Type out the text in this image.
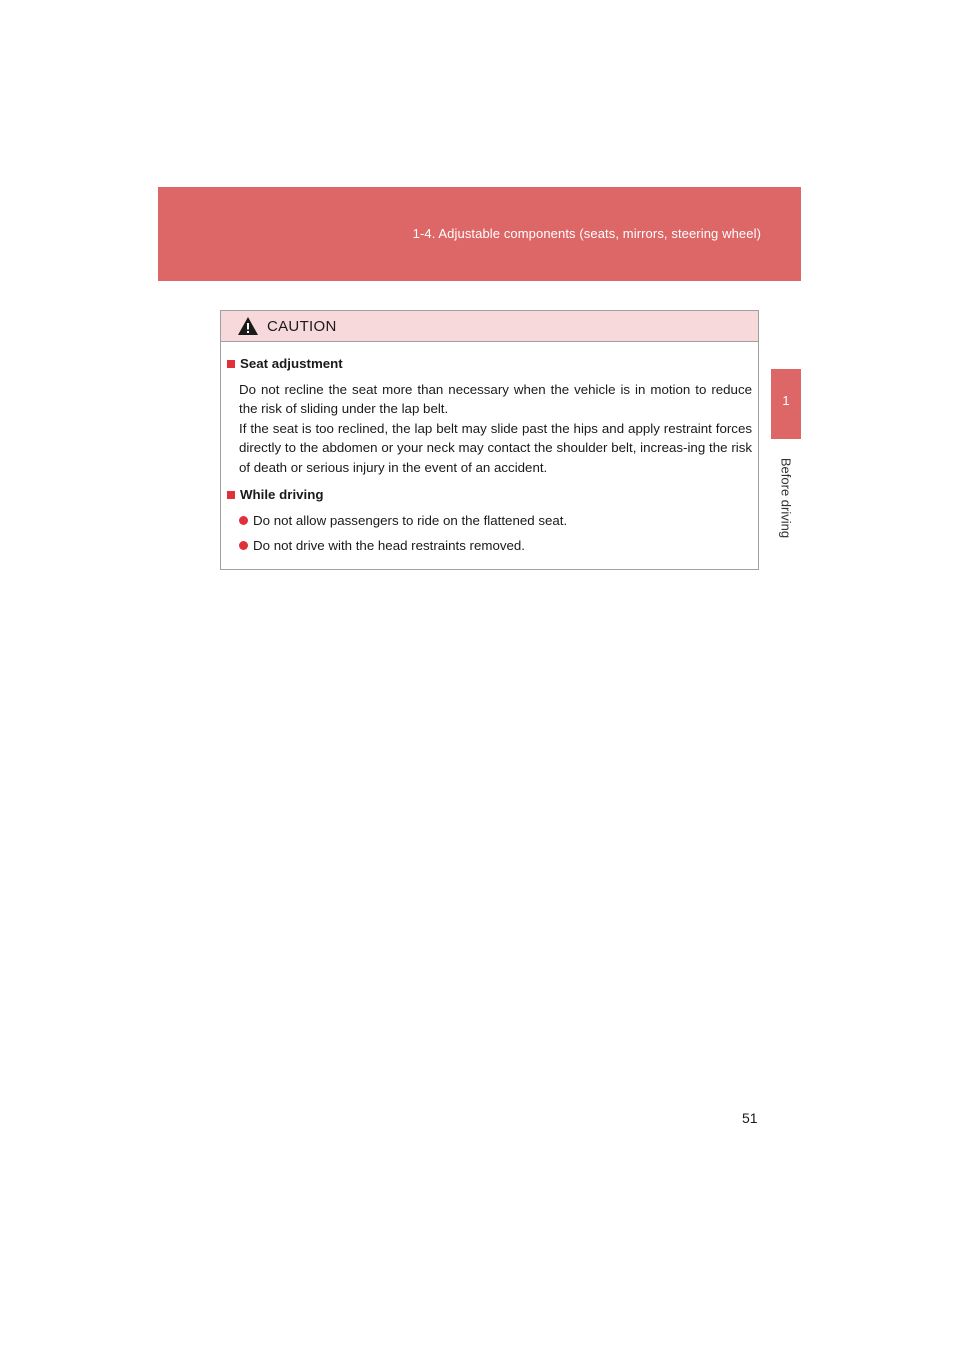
1-4. Adjustable components (seats, mirrors, steering wheel)
1
Before driving
CAUTION
Seat adjustment

Do not recline the seat more than necessary when the vehicle is in motion to reduce the risk of sliding under the lap belt.

If the seat is too reclined, the lap belt may slide past the hips and apply restraint forces directly to the abdomen or your neck may contact the shoulder belt, increas-ing the risk of death or serious injury in the event of an accident.

While driving
Do not allow passengers to ride on the flattened seat.
Do not drive with the head restraints removed.
51
